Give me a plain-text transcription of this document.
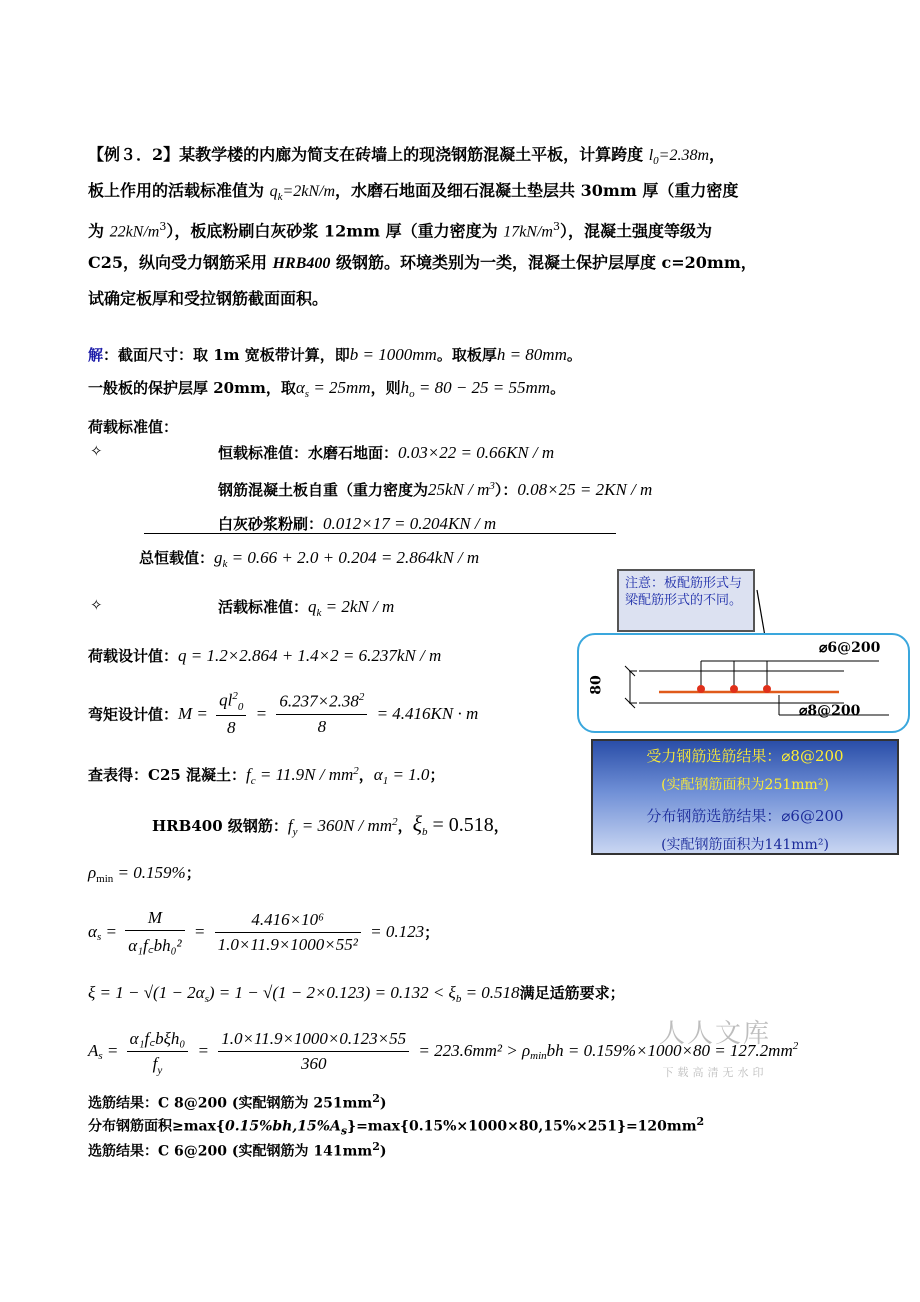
【例３．2】某教学楼的内廊为简支在砖墙上的现浇钢筋混凝土平板，计算跨度 $l_0=2.38m$，
板上作用的活载标准值为 $q_k=2kN/m$，水磨石地面及细石混凝土垫层共 30mm 厚（重力密度
为 $22kN/m^3$），板底粉刷白灰砂浆 12mm 厚（重力密度为 $17kN/m^3$），混凝土强度等级为
C25，纵向受力钢筋采用 HRB400 级钢筋。环境类别为一类，混凝土保护层厚度 c=20mm，
试确定板厚和受拉钢筋截面面积。
解：截面尺寸：取 1m 宽板带计算，即b = 1000mm。取板厚h = 80mm。
一般板的保护层厚 20mm，取$\alpha_s = 25mm$，则$h_o = 80 - 25 = 55mm$。
荷载标准值：
✧	恒载标准值：水磨石地面：0.03×22 = 0.66KN / m
钢筋混凝土板自重（重力密度为$25kN / m^3$）：0.08×25 = 2KN / m
白灰砂浆粉刷：0.012×17 = 0.204KN / m
总恒载值：$g_k = 0.66 + 2.0 + 0.204 = 2.864kN / m$
✧	活载标准值：$q_k = 2kN / m$
荷载设计值：q = 1.2×2.864 + 1.4×2 = 6.237kN / m
弯矩设计值：$M = \frac{ql^2_0}{8} = \frac{6.237\times 2.38^2}{8} = 4.416KN \cdot m$
查表得：C25 混凝土：$f_c = 11.9N / mm^2$，$\alpha_1 = 1.0$；
HRB400 级钢筋：$f_y = 360N / mm^2$，$\xi_b = 0.518$，
$\rho_{min} = 0.159\%$；
$\alpha_s = \frac{M}{\text{α₁f꜀bh₀²}} = \frac{\text{4.416×10⁶}}{\text{1.0×11.9×1000×55²}} = 0.123$；
$\xi = 1 - √(1 - 2\alpha_s) = 1 - √(1 - 2\times 0.123) = 0.132 < \xi_b = 0.518$满足适筋要求；
$A_s = \frac{\text{α₁f꜀bξh₀}}{f_y} = \frac{1.0\times 11.9\times 1000\times 0.123\times 55}{360} = 223.6mm^2 > \rho_{min}bh = 0.159\%\times 1000\times 80 = 127.2mm^2$
选筋结果：C 8@200 (实配钢筋为 $251mm^2$)
分布钢筋面积$\ge\max\{0.15\%bh,15\%A_s\}=\max\{0.15\%\times 1000\times 80,15\%\times 251\}=120mm^2$
选筋结果：C 6@200 (实配钢筋为 $141mm^2$)
注意：板配筋形式与梁配筋形式的不同。
80
⌀6@200
⌀8@200
受力钢筋选筋结果：⌀8@200
(实配钢筋面积为251mm²)
分布钢筋选筋结果：⌀6@200
(实配钢筋面积为141mm²)
人人文库
下载高清无水印
